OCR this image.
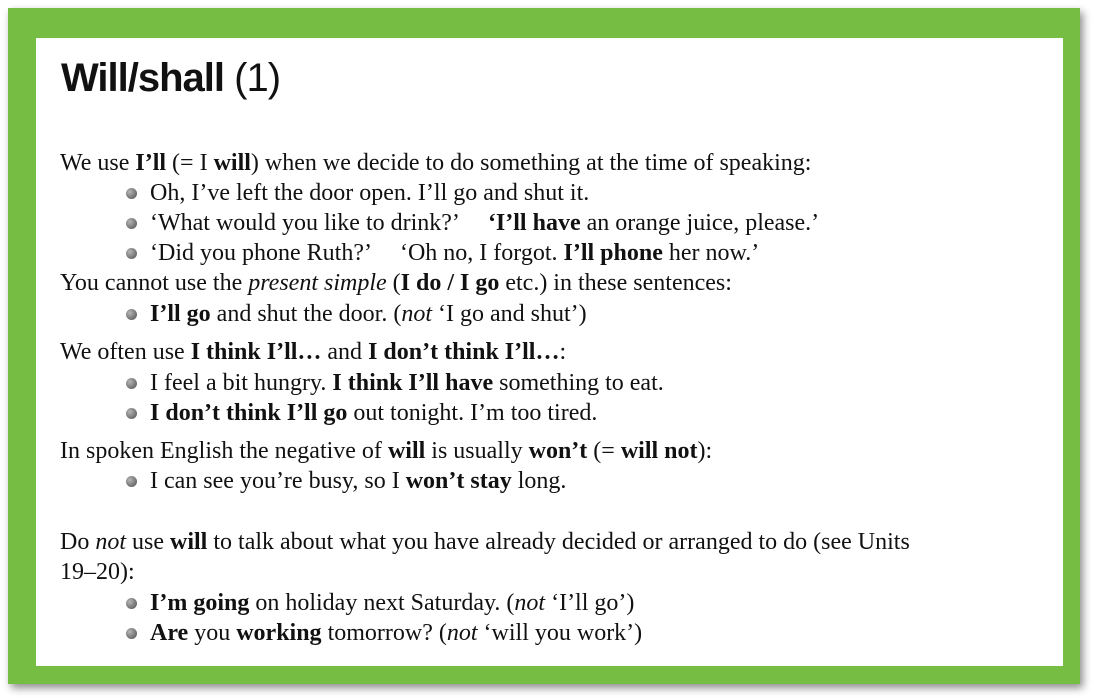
Will/shall (1)
We use I’ll (= I will) when we decide to do something at the time of speaking:
Oh, I’ve left the door open. I’ll go and shut it.
‘What would you like to drink?’ ‘I’ll have an orange juice, please.’
‘Did you phone Ruth?’ ‘Oh no, I forgot. I’ll phone her now.’
You cannot use the present simple (I do / I go etc.) in these sentences:
I’ll go and shut the door. (not ‘I go and shut’)
We often use I think I’ll… and I don’t think I’ll…:
I feel a bit hungry. I think I’ll have something to eat.
I don’t think I’ll go out tonight. I’m too tired.
In spoken English the negative of will is usually won’t (= will not):
I can see you’re busy, so I won’t stay long.
Do not use will to talk about what you have already decided or arranged to do (see Units
19–20):
I’m going on holiday next Saturday. (not ‘I’ll go’)
Are you working tomorrow? (not ‘will you work’)
